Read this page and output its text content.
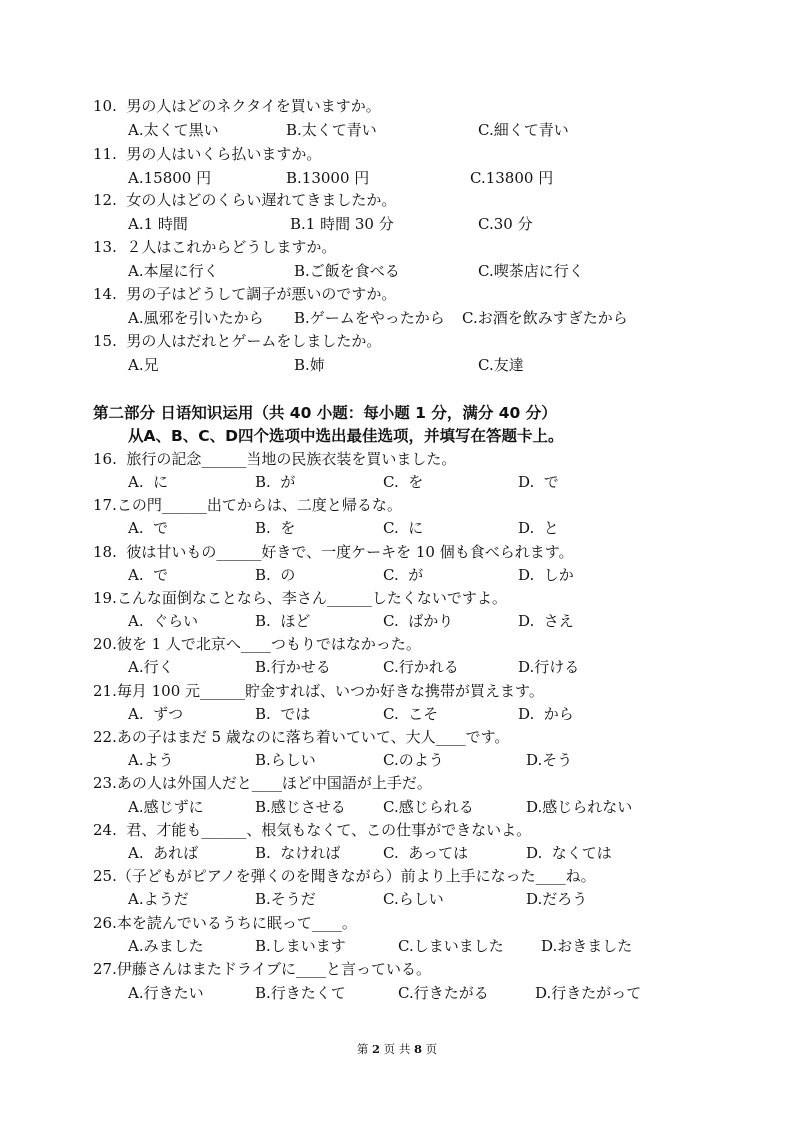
10.  男の人はどのネクタイを買いますか。
A.太くて黒い	B.太くて青い	C.細くて青い
11.  男の人はいくら払いますか。
A.15800 円	B.13000 円	C.13800 円
12.  女の人はどのくらい遅れてきましたか。
A.1 時間	B.1 時間 30 分	C.30 分
13.  ２人はこれからどうしますか。
A.本屋に行く	B.ご飯を食べる	C.喫茶店に行く
14.  男の子はどうして調子が悪いのですか。
A.風邪を引いたから B.ゲームをやったから C.お酒を飲みすぎたから
15.  男の人はだれとゲームをしましたか。
A.兄	B.姉	C.友達
第二部分 日语知识运用（共 40 小题：每小题 1 分，满分 40 分）
从A、B、C、D四个选项中选出最佳选项，并填写在答题卡上。
16.  旅行の記念______当地の民族衣装を買いました。
A.  に	B.  が	C.  を	D.  で
17.この門______出てからは、二度と帰るな。
A.  で	B.  を	C.  に	D.  と
18.  彼は甘いもの______好きで、一度ケーキを 10 個も食べられます。
A.  で	B.  の	C.  が	D.  しか
19.こんな面倒なことなら、李さん______したくないですよ。
A.  ぐらい	B.  ほど	C.  ばかり	D.  さえ
20.彼を 1 人で北京へ____つもりではなかった。
A.行く	B.行かせる	C.行かれる	D.行ける
21.毎月 100 元______貯金すれば、いつか好きな携帯が買えます。
A.  ずつ	B.  では	C.  こそ	D.  から
22.あの子はまだ 5 歳なのに落ち着いていて、大人____です。
A.よう	B.らしい	C.のよう	D.そう
23.あの人は外国人だと____ほど中国語が上手だ。
A.感じずに	B.感じさせる C.感じられる	D.感じられない
24.  君、才能も______、根気もなくて、この仕事ができないよ。
A.  あれば	B.  なければ	C.  あっては	D.  なくては
25.（子どもがピアノを弾くのを聞きながら）前より上手になった____ね。
A.ようだ	B.そうだ	C.らしい	D.だろう
26.本を読んでいるうちに眠って____。
A.みました	B.しまいます	C.しまいました D.おきました
27.伊藤さんはまたドライブに____と言っている。
A.行きたい	B.行きたくて	C.行きたがる	D.行きたがって
第 2 页 共 8 页
